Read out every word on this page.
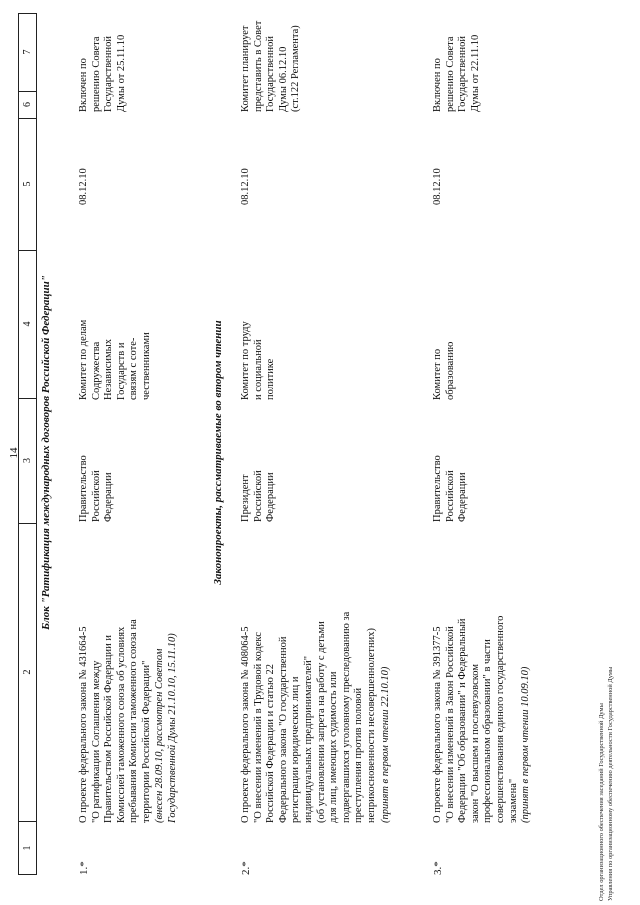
14
1
2
3
4
5
6
7
Блок "Ратификация международных договоров Российской Федерации"
1.*
О проекте федерального закона № 431664-5
"О ратификации Соглашения между
Правительством Российской Федерации и
Комиссией таможенного союза об условиях
пребывания Комиссии таможенного союза на
территории Российской Федерации"
(внесен 28.09.10, рассмотрен Советом
Государственной Думы 21.10.10, 15.11.10)
Правительство
Российской
Федерации
Комитет по делам
Содружества
Независимых
Государств и
связям с соте-
чественниками
08.12.10
Включен по
решению Совета
Государственной
Думы от 25.11.10
Законопроекты, рассматриваемые во втором чтении
2.*
О проекте федерального закона № 408064-5
"О внесении изменений в Трудовой кодекс
Российской Федерации и статью 22
Федерального закона "О государственной
регистрации юридических лиц и
индивидуальных предпринимателей"
(об установлении запрета на работу с детьми
для лиц, имеющих судимость или
подвергавшихся уголовному преследованию за
преступления против половой
неприкосновенности несовершеннолетних) (принят в первом чтении 22.10.10)
Президент
Российской
Федерации
Комитет по труду
и социальной
политике
08.12.10
Комитет планирует
представить в Совет
Государственной
Думы 06.12.10
(ст.122 Регламента)
3.*
О проекте федерального закона № 391377-5
"О внесении изменений в Закон Российской
Федерации "Об образовании" и Федеральный
закон "О высшем и послевузовском
профессиональном образовании" в части
совершенствования единого государственного
экзамена" (принят в первом чтении 10.09.10)
Правительство
Российской
Федерации
Комитет по
образованию
08.12.10
Включен по
решению Совета
Государственной
Думы от 22.11.10
Отдел организационного обеспечения заседаний Государственной Думы Управления по организационному обеспечению деятельности Государственной Думы
